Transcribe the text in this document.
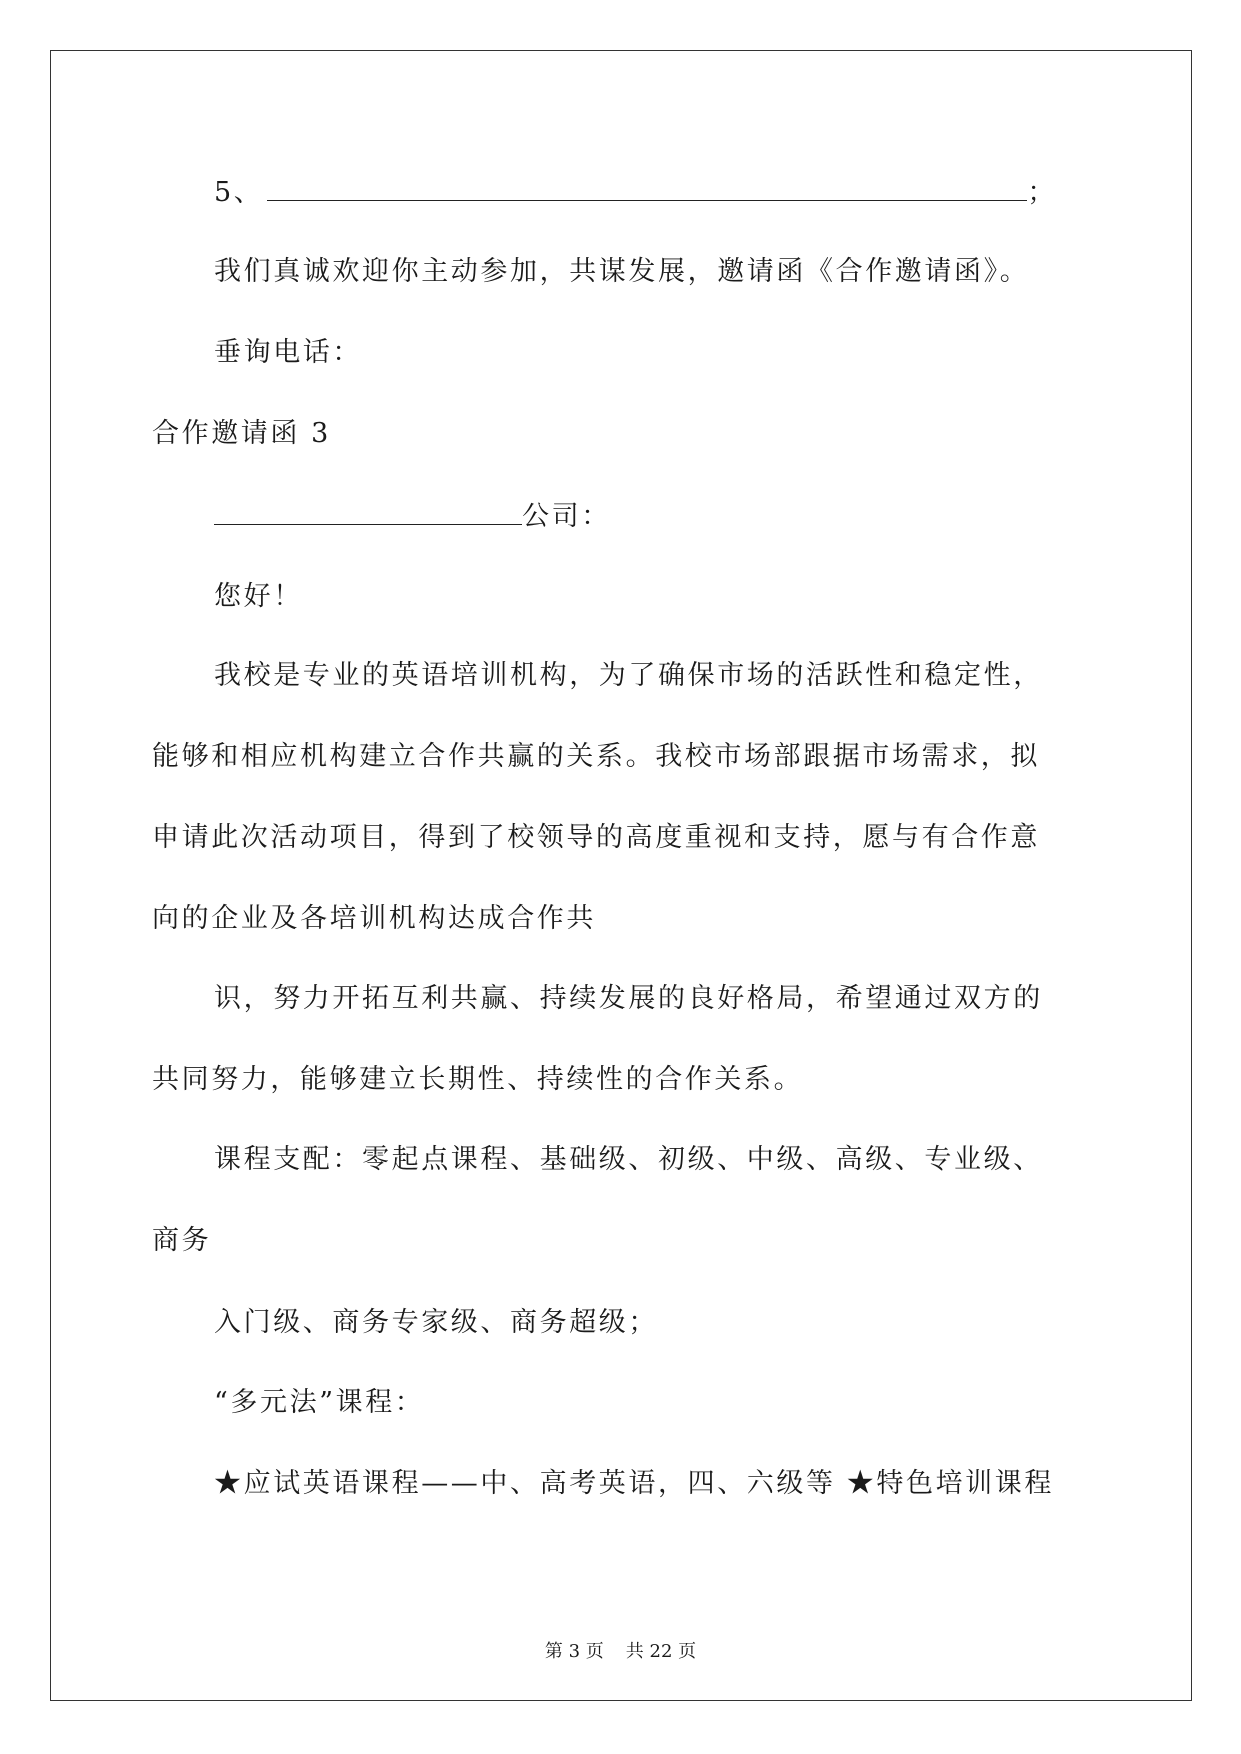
5、	；
我们真诚欢迎你主动参加，共谋发展，邀请函《合作邀请函》。
垂询电话：
合作邀请函 3
公司：
您好！
我校是专业的英语培训机构，为了确保市场的活跃性和稳定性，
能够和相应机构建立合作共赢的关系。我校市场部跟据市场需求，拟
申请此次活动项目，得到了校领导的高度重视和支持，愿与有合作意
向的企业及各培训机构达成合作共
识，努力开拓互利共赢、持续发展的良好格局，希望通过双方的
共同努力，能够建立长期性、持续性的合作关系。
课程支配：零起点课程、基础级、初级、中级、高级、专业级、
商务
入门级、商务专家级、商务超级；
“多元法”课程：
★应试英语课程——中、高考英语，四、六级等 ★特色培训课程
第 3 页 共 22 页
